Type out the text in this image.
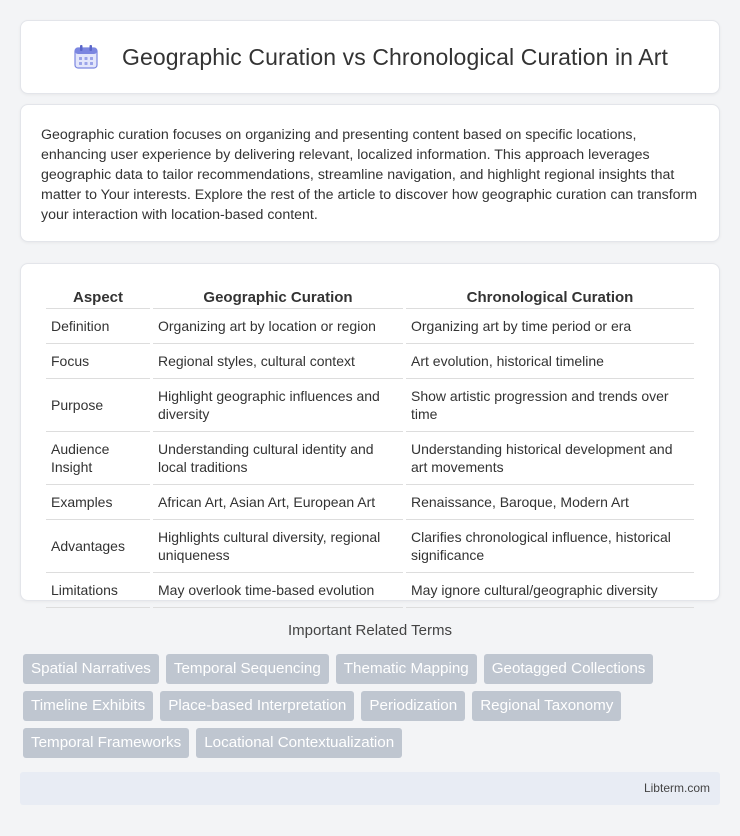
Geographic Curation vs Chronological Curation in Art

Geographic curation focuses on organizing and presenting content based on specific locations, enhancing user experience by delivering relevant, localized information. This approach leverages geographic data to tailor recommendations, streamline navigation, and highlight regional insights that matter to Your interests. Explore the rest of the article to discover how geographic curation can transform your interaction with location-based content.

Aspect	Geographic Curation	Chronological Curation
Definition	Organizing art by location or region	Organizing art by time period or era
Focus	Regional styles, cultural context	Art evolution, historical timeline
Purpose	Highlight geographic influences and diversity	Show artistic progression and trends over time
Audience Insight	Understanding cultural identity and local traditions	Understanding historical development and art movements
Examples	African Art, Asian Art, European Art	Renaissance, Baroque, Modern Art
Advantages	Highlights cultural diversity, regional uniqueness	Clarifies chronological influence, historical significance
Limitations	May overlook time-based evolution	May ignore cultural/geographic diversity
Important Related Terms
Spatial Narratives	Temporal Sequencing	Thematic Mapping	Geotagged Collections
Timeline Exhibits	Place-based Interpretation	Periodization	Regional Taxonomy
Temporal Frameworks	Locational Contextualization
Libterm.com
